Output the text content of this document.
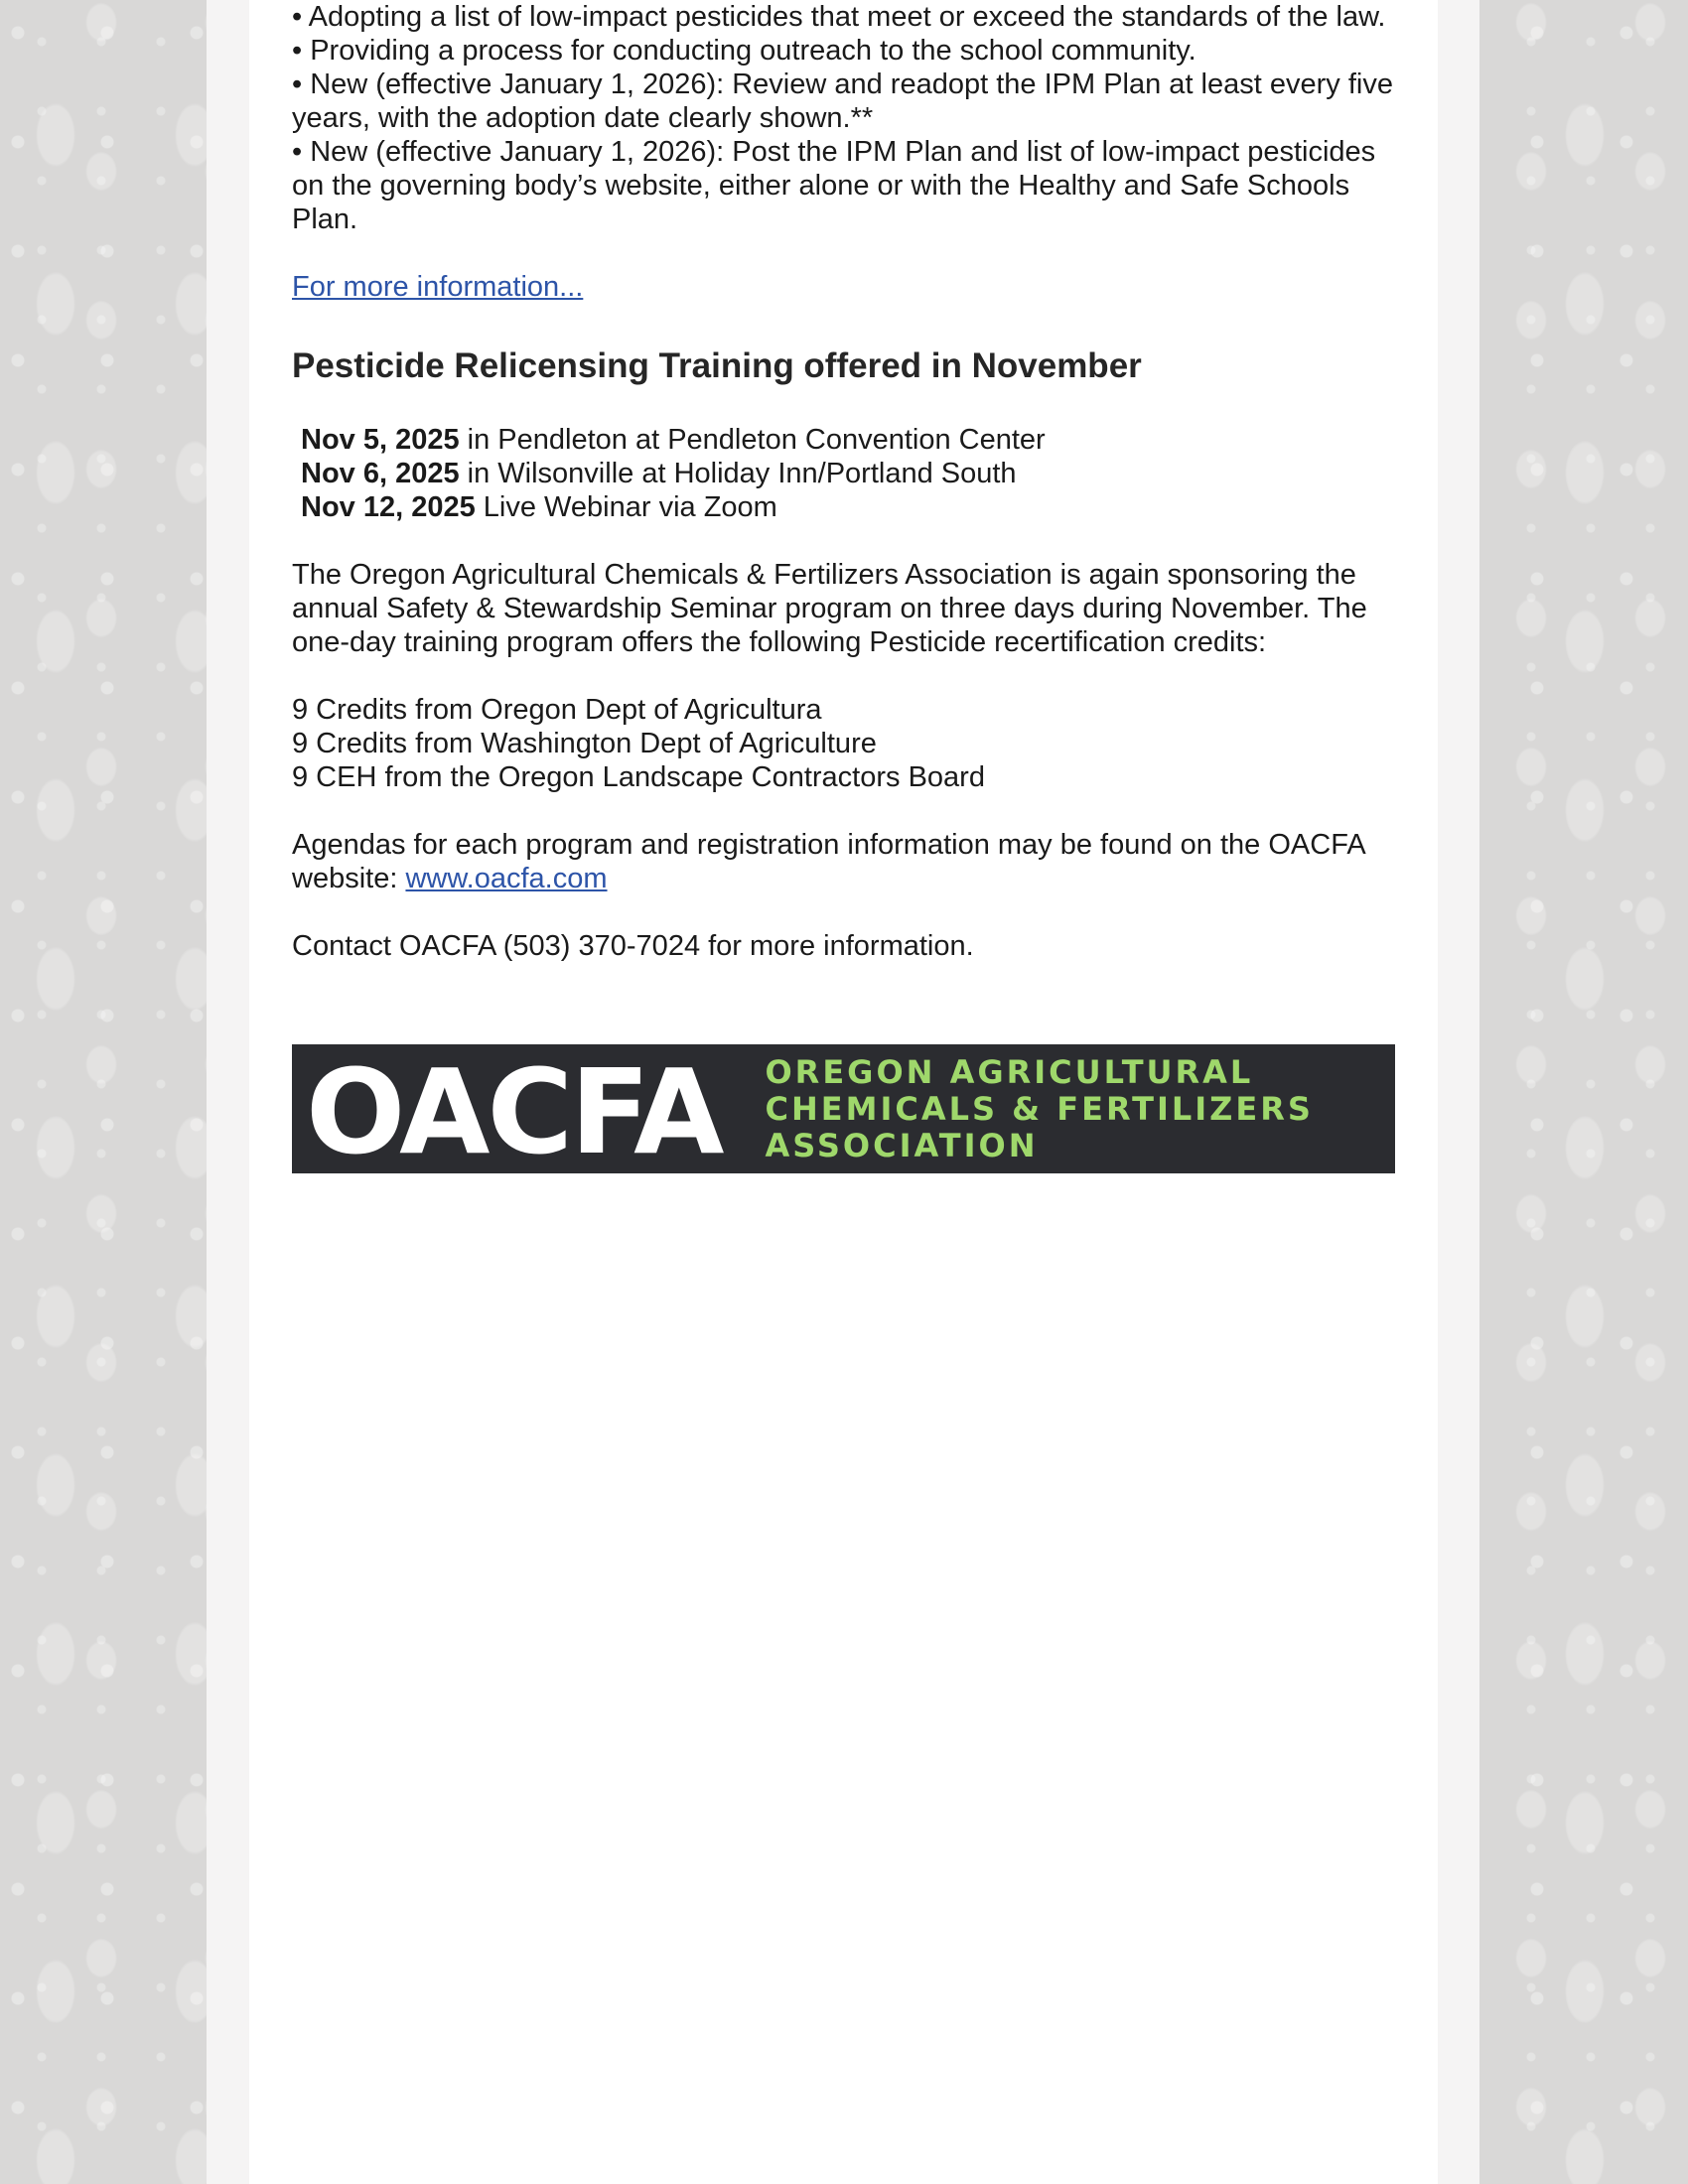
• Adopting a list of low-impact pesticides that meet or exceed the standards of the law.

• Providing a process for conducting outreach to the school community.

• New (effective January 1, 2026): Review and readopt the IPM Plan at least every five years, with the adoption date clearly shown.**

• New (effective January 1, 2026): Post the IPM Plan and list of low-impact pesticides on the governing body’s website, either alone or with the Healthy and Safe Schools Plan.

For more information...
Pesticide Relicensing Training offered in November

Nov 5, 2025 in Pendleton at Pendleton Convention Center

Nov 6, 2025 in Wilsonville at Holiday Inn/Portland South

Nov 12, 2025 Live Webinar via Zoom

The Oregon Agricultural Chemicals & Fertilizers Association is again sponsoring the annual Safety & Stewardship Seminar program on three days during November. The one-day training program offers the following Pesticide recertification credits:

9 Credits from Oregon Dept of Agricultura

9 Credits from Washington Dept of Agriculture

9 CEH from the Oregon Landscape Contractors Board

Agendas for each program and registration information may be found on the OACFA website: www.oacfa.com

Contact OACFA (503) 370-7024 for more information.

OACFA OREGON AGRICULTURAL
CHEMICALS & FERTILIZERS
ASSOCIATION
